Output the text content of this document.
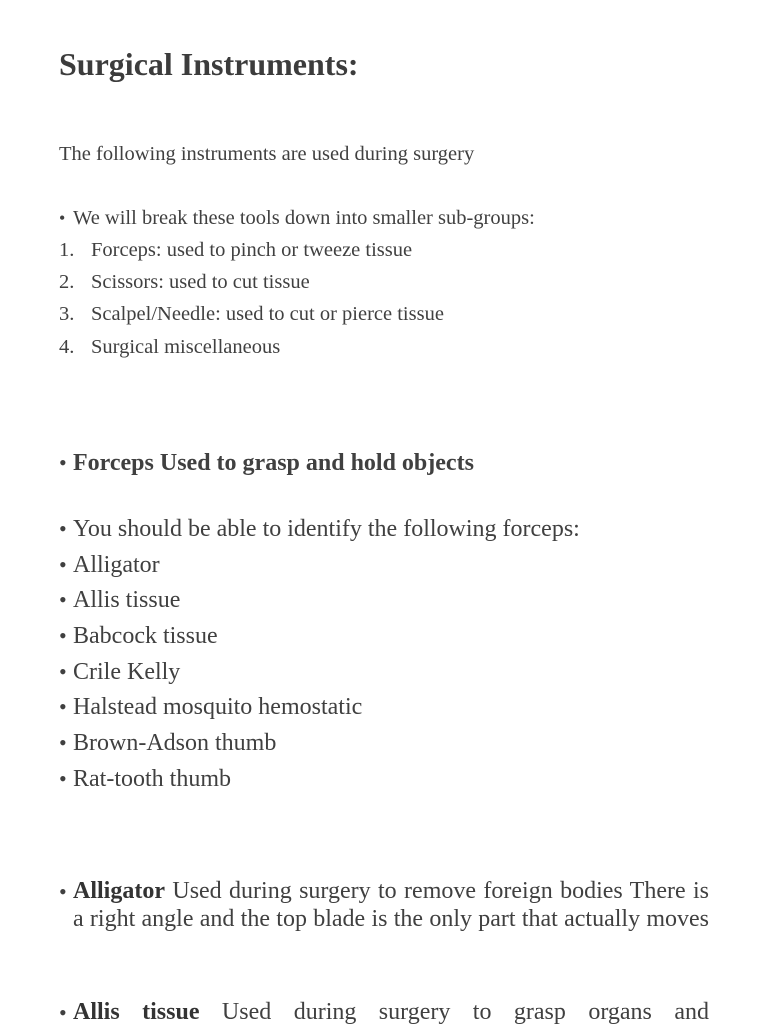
Surgical Instruments:
The following instruments are used during surgery
• We will break these tools down into smaller sub-groups:
1. Forceps: used to pinch or tweeze tissue
2. Scissors: used to cut tissue
3. Scalpel/Needle: used to cut or pierce tissue
4. Surgical miscellaneous
• Forceps Used to grasp and hold objects
• You should be able to identify the following forceps:
• Alligator
• Allis tissue
• Babcock tissue
• Crile Kelly
• Halstead mosquito hemostatic
• Brown-Adson thumb
• Rat-tooth thumb
• Alligator Used during surgery to remove foreign bodies There is a right angle and the top blade is the only part that actually moves
• Allis tissue Used during surgery to grasp organs and
